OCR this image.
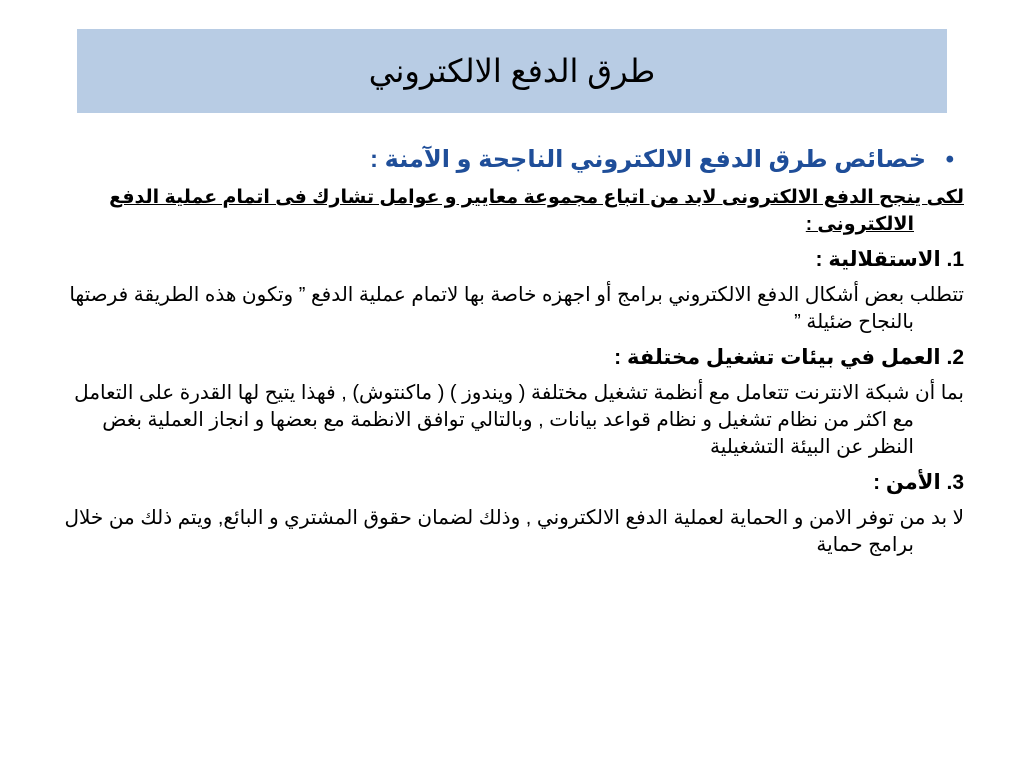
طرق الدفع الالكتروني

•خصائص طرق الدفع الالكتروني الناجحة و الآمنة :

لكى ينجح الدفع الالكترونى لابد من اتباع مجموعة معايير و عوامل تشارك فى اتمام عملية الدفع الالكترونى :

1. الاستقلالية :

تتطلب بعض أشكال الدفع الالكتروني برامج أو اجهزه خاصة بها لاتمام عملية الدفع ” وتكون هذه الطريقة فرصتها بالنجاح ضئيلة ”

2. العمل في بيئات تشغيل مختلفة :

بما أن شبكة الانترنت تتعامل مع أنظمة تشغيل مختلفة ( ويندوز ) ( ماكنتوش) , فهذا يتيح لها القدرة على التعامل مع اكثر من نظام تشغيل و نظام قواعد بيانات , وبالتالي توافق الانظمة مع بعضها و انجاز العملية بغض النظر عن البيئة التشغيلية

3. الأمن :

لا بد من توفر الامن و الحماية لعملية الدفع الالكتروني , وذلك لضمان حقوق المشتري و البائع, ويتم ذلك من خلال برامج حماية
